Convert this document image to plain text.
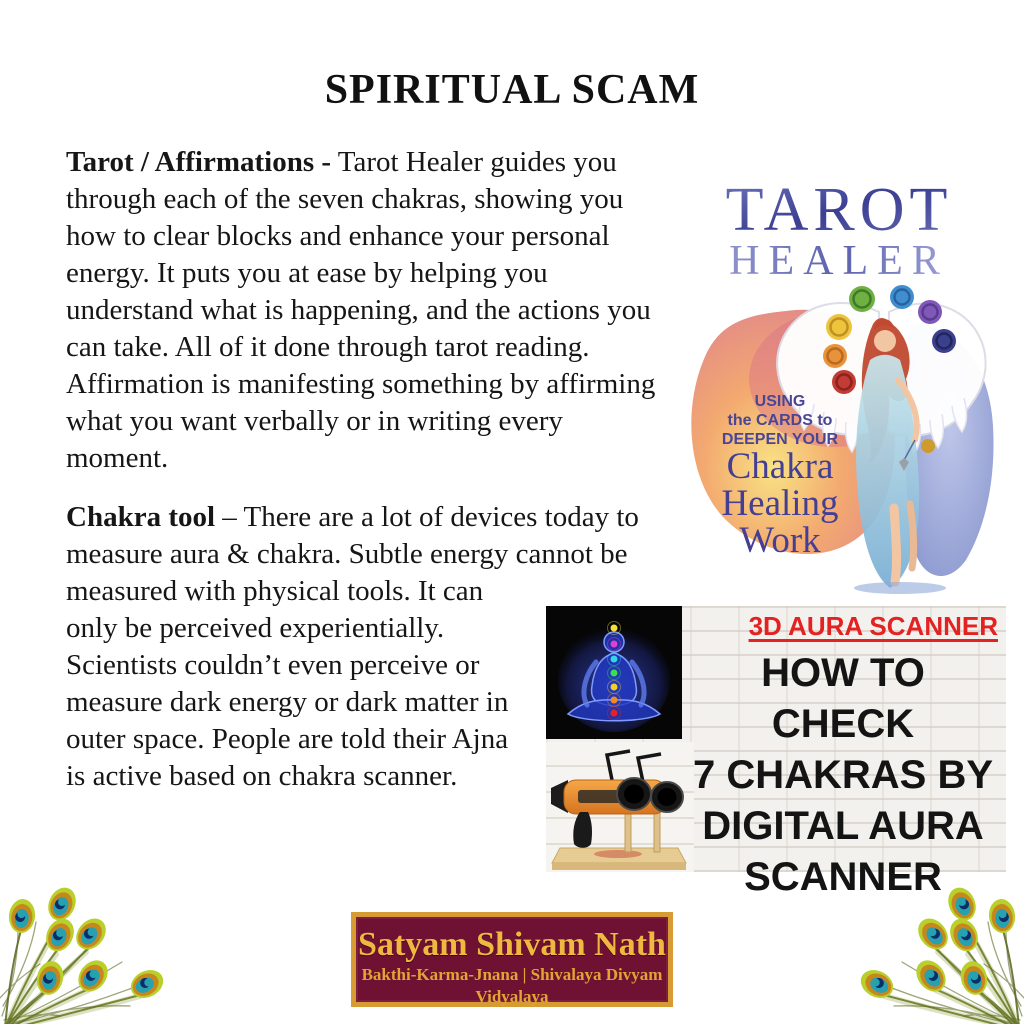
SPIRITUAL SCAM
TAROT
HEALER
USING
the CARDS to
DEEPEN YOUR
Chakra
Healing
Work

Tarot / Affirmations - Tarot Healer guides you through each of the seven chakras, showing you how to clear blocks and enhance your personal energy. It puts you at ease by helping you understand what is happening, and the actions you can take. All of it done through tarot reading. Affirmation is manifesting something by affirming what you want verbally or in writing every moment.

Chakra tool – There are a lot of devices today to measure aura & chakra. Subtle energy
3D AURA SCANNER
HOW TO CHECK
7 CHAKRAS BY
DIGITAL AURA
SCANNER
cannot be measured with physical tools. It can only be perceived experientially. Scientists couldn’t even perceive or measure dark energy or dark matter in outer space. People are told their Ajna is active based on chakra scanner.

Satyam Shivam Nath
Bakthi-Karma-Jnana | Shivalaya Divyam Vidyalaya
